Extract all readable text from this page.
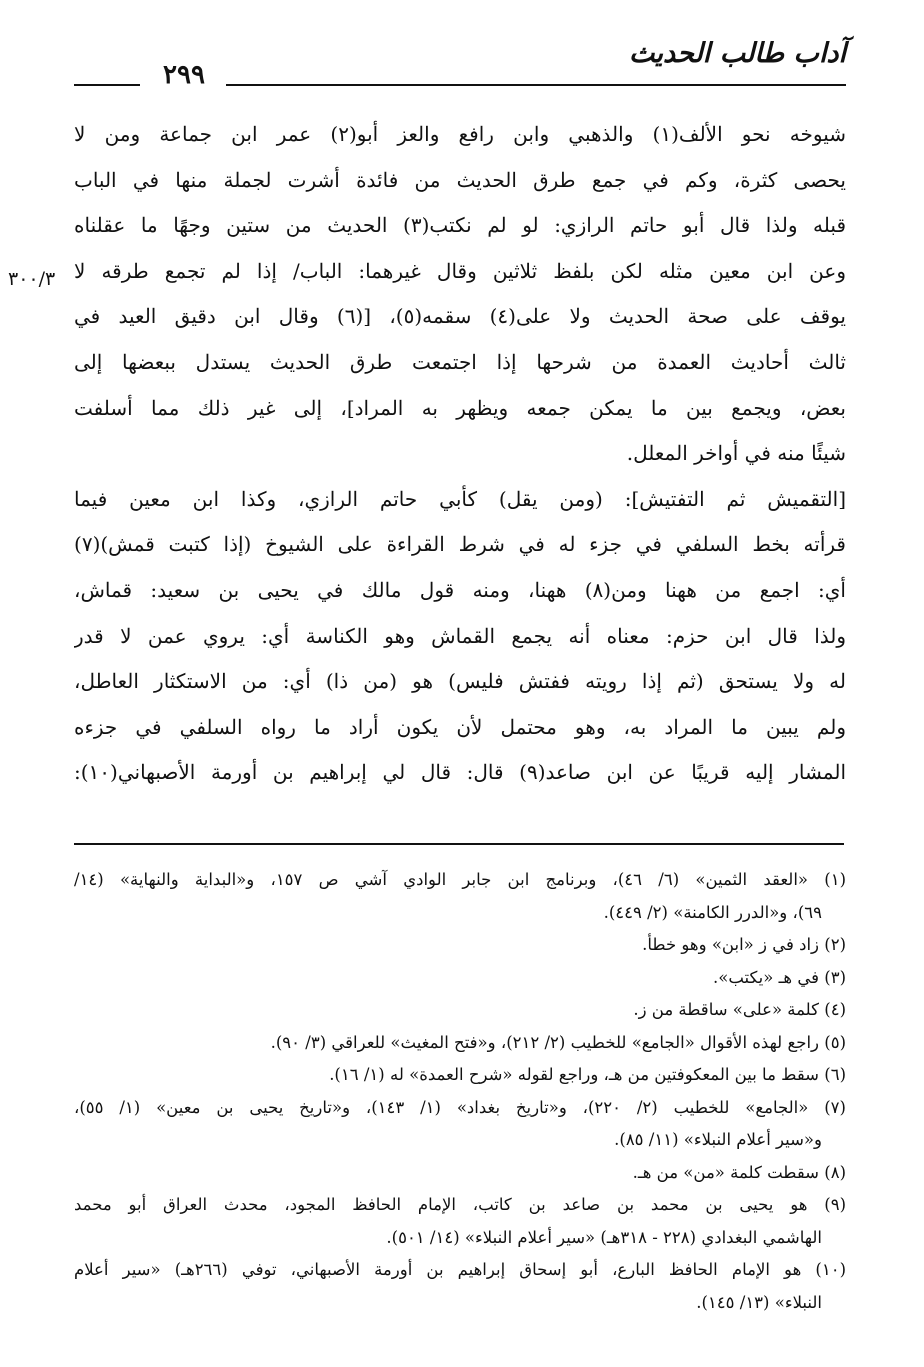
آداب طالب الحديث
٢٩٩
٣٠٠/٣
شيوخه نحو الألف(١) والذهبي وابن رافع والعز أبو(٢) عمر ابن جماعة ومن لا
يحصى كثرة، وكم في جمع طرق الحديث من فائدة أشرت لجملة منها في الباب
قبله ولذا قال أبو حاتم الرازي: لو لم نكتب(٣) الحديث من ستين وجهًا ما عقلناه
وعن ابن معين مثله لكن بلفظ ثلاثين وقال غيرهما: الباب/ إذا لم تجمع طرقه لا
يوقف على صحة الحديث ولا على(٤) سقمه(٥)، [(٦) وقال ابن دقيق العيد في
ثالث أحاديث العمدة من شرحها إذا اجتمعت طرق الحديث يستدل ببعضها إلى
بعض، ويجمع بين ما يمكن جمعه ويظهر به المراد]، إلى غير ذلك مما أسلفت
شيئًا منه في أواخر المعلل.
[التقميش ثم التفتيش]: (ومن يقل) كأبي حاتم الرازي، وكذا ابن معين فيما
قرأته بخط السلفي في جزء له في شرط القراءة على الشيوخ (إذا كتبت قمش)(٧)
أي: اجمع من ههنا ومن(٨) ههنا، ومنه قول مالك في يحيى بن سعيد: قماش،
ولذا قال ابن حزم: معناه أنه يجمع القماش وهو الكناسة أي: يروي عمن لا قدر
له ولا يستحق (ثم إذا رويته ففتش فليس) هو (من ذا) أي: من الاستكثار العاطل،
ولم يبين ما المراد به، وهو محتمل لأن يكون أراد ما رواه السلفي في جزءه
المشار إليه قريبًا عن ابن صاعد(٩) قال: قال لي إبراهيم بن أورمة الأصبهاني(١٠):
(١) «العقد الثمين» (٦/ ٤٦)، وبرنامج ابن جابر الوادي آشي ص ١٥٧، و«البداية والنهاية» (١٤/
٦٩)، و«الدرر الكامنة» (٢/ ٤٤٩).
(٢) زاد في ز «ابن» وهو خطأ.
(٣) في هـ «يكتب».
(٤) كلمة «على» ساقطة من ز.
(٥) راجع لهذه الأقوال «الجامع» للخطيب (٢/ ٢١٢)، و«فتح المغيث» للعراقي (٣/ ٩٠).
(٦) سقط ما بين المعكوفتين من هـ، وراجع لقوله «شرح العمدة» له (١/ ١٦).
(٧) «الجامع» للخطيب (٢/ ٢٢٠)، و«تاريخ بغداد» (١/ ١٤٣)، و«تاريخ يحيى بن معين» (١/ ٥٥)،
و«سير أعلام النبلاء» (١١/ ٨٥).
(٨) سقطت كلمة «من» من هـ.
(٩) هو يحيى بن محمد بن صاعد بن كاتب، الإمام الحافظ المجود، محدث العراق أبو محمد
الهاشمي البغدادي (٢٢٨ - ٣١٨هـ) «سير أعلام النبلاء» (١٤/ ٥٠١).
(١٠) هو الإمام الحافظ البارع، أبو إسحاق إبراهيم بن أورمة الأصبهاني، توفي (٢٦٦هـ) «سير أعلام
النبلاء» (١٣/ ١٤٥).
